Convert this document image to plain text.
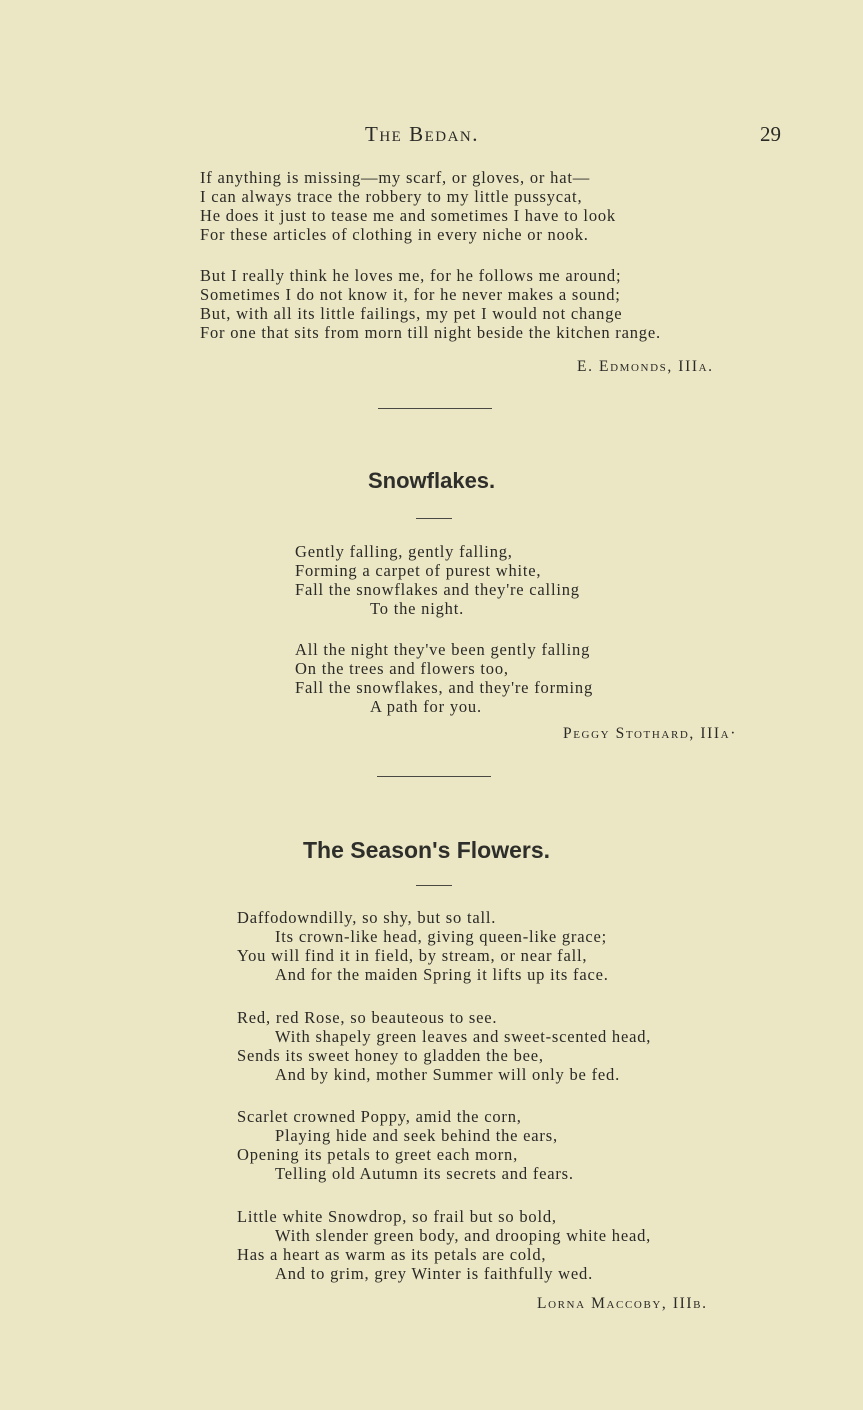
The Bedan.	29
If anything is missing—my scarf, or gloves, or hat—
I can always trace the robbery to my little pussycat,
He does it just to tease me and sometimes I have to look
For these articles of clothing in every niche or nook.
But I really think he loves me, for he follows me around;
Sometimes I do not know it, for he never makes a sound;
But, with all its little failings, my pet I would not change
For one that sits from morn till night beside the kitchen range.
E. Edmonds, IIIa.
Snowflakes.
Gently falling, gently falling,
Forming a carpet of purest white,
Fall the snowflakes and they're calling
To the night.
All the night they've been gently falling
On the trees and flowers too,
Fall the snowflakes, and they're forming
A path for you.
Peggy Stothard, IIIa·
The Season's Flowers.
Daffodowndilly, so shy, but so tall.
Its crown-like head, giving queen-like grace;
You will find it in field, by stream, or near fall,
And for the maiden Spring it lifts up its face.
Red, red Rose, so beauteous to see.
With shapely green leaves and sweet-scented head,
Sends its sweet honey to gladden the bee,
And by kind, mother Summer will only be fed.
Scarlet crowned Poppy, amid the corn,
Playing hide and seek behind the ears,
Opening its petals to greet each morn,
Telling old Autumn its secrets and fears.
Little white Snowdrop, so frail but so bold,
With slender green body, and drooping white head,
Has a heart as warm as its petals are cold,
And to grim, grey Winter is faithfully wed.
Lorna Maccoby, IIIb.
